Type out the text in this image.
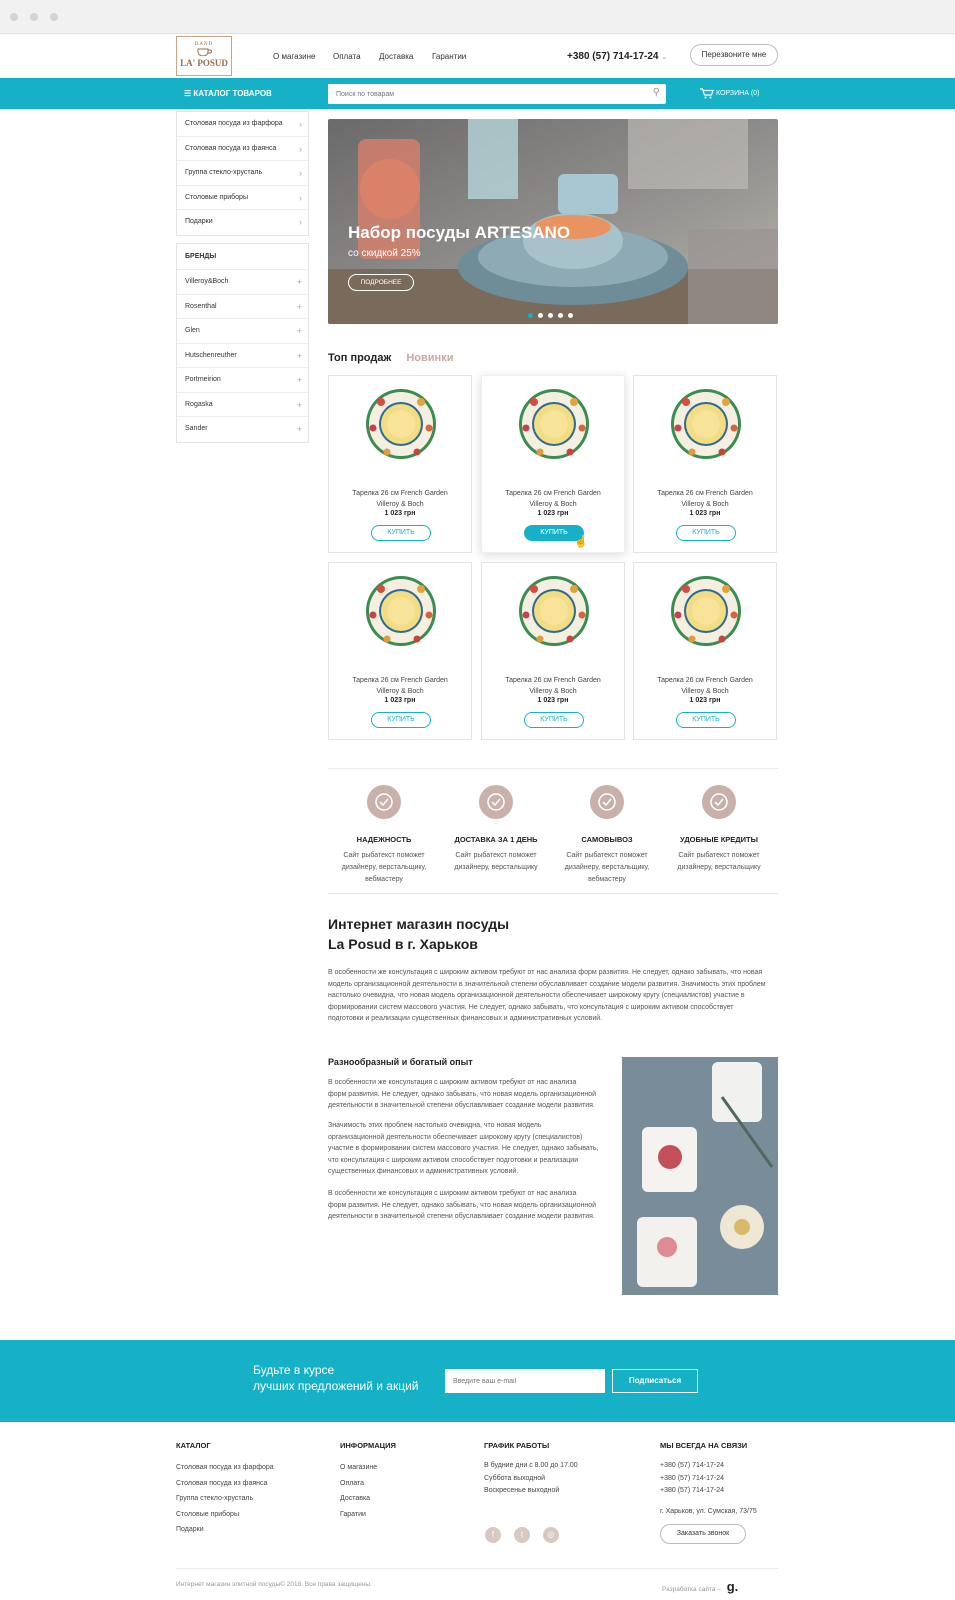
DAND
LA' POSUD
О магазине Оплата Доставка Гарантии	+380 (57) 714-17-24 ⌄	Перезвоните мне
☰ КАТАЛОГ ТОВАРОВ
Поиск по товарам	⚲	КОРЗИНА (0)
Столовая посуда из фарфора ›
Столовая посуда из фаянса	›
Группа стекло-хрусталь	›
Столовые приборы	›
Подарки	›
БРЕНДЫ
Villeroy&Boch	+
Rosenthal	+
Glen	+
Hutschenreuther	+
Portmeirion	+
Rogaska	+
Sander	+
Набор посуды ARTESANO
со скидкой 25%
ПОДРОБНЕЕ
Топ продаж Новинки
Тарелка 26 см French Garden
Villeroy & Boch
1 023 грн
КУПИТЬ
Тарелка 26 см French Garden
Villeroy & Boch
1 023 грн
КУПИТЬ
☝
Тарелка 26 см French Garden
Villeroy & Boch
1 023 грн
КУПИТЬ
Тарелка 26 см French Garden
Villeroy & Boch
1 023 грн
КУПИТЬ
Тарелка 26 см French Garden
Villeroy & Boch
1 023 грн
КУПИТЬ
Тарелка 26 см French Garden
Villeroy & Boch
1 023 грн
КУПИТЬ
НАДЕЖНОСТЬ
Сайт рыбатекст поможет
дизайнеру, верстальщику,
вебмастеру
ДОСТАВКА ЗА 1 ДЕНЬ
Сайт рыбатекст поможет
дизайнеру, верстальщику
САМОВЫВОЗ
Сайт рыбатекст поможет
дизайнеру, верстальщику,
вебмастеру
УДОБНЫЕ КРЕДИТЫ
Сайт рыбатекст поможет
дизайнеру, верстальщику
Интернет магазин посуды
La Posud в г. Харьков
В особенности же консультация с широким активом требуют от нас анализа форм развития. Не следует, однако забывать, что новая
модель организационной деятельности в значительной степени обуславливает создание модели развития. Значимость этих проблем
настолько очевидна, что новая модель организационной деятельности обеспечивает широкому кругу (специалистов) участие в
формировании систем массового участия. Не следует, однако забывать, что консультация с широким активом способствует
подготовки и реализации существенных финансовых и административных условий.
Разнообразный и богатый опыт
В особенности же консультация с широким активом требуют от нас анализа
форм развития. Не следует, однако забывать, что новая модель организационной
деятельности в значительной степени обуславливает создание модели развития.
Значимость этих проблем настолько очевидна, что новая модель
организационной деятельности обеспечивает широкому кругу (специалистов)
участие в формировании систем массового участия. Не следует, однако забывать,
что консультация с широким активом способствует подготовки и реализации
существенных финансовых и административных условий.
В особенности же консультация с широким активом требуют от нас анализа
форм развития. Не следует, однако забывать, что новая модель организационной
деятельности в значительной степени обуславливает создание модели развития.
Будьте в курсе
лучших предложений и акций
Введите ваш e-mail	Подписаться
КАТАЛОГ
Столовая посуда из фарфора
Столовая посуда из фаянса
Группа стекло-хрусталь
Столовые приборы
Подарки
ИНФОРМАЦИЯ
О магазине
Оплата
Доставка
Гаратии
ГРАФИК РАБОТЫ
В будние дни с 8.00 до 17.00
Суббота выходной
Воскресенье выходной
f	t	◎
МЫ ВСЕГДА НА СВЯЗИ
+380 (57) 714-17-24
+380 (57) 714-17-24
+380 (57) 714-17-24
г. Харьков, ул. Сумская, 73/75
Заказать звонок
Интернет магазин элитной посуды© 2018. Все права защищены.
Разработка сайта – g.
